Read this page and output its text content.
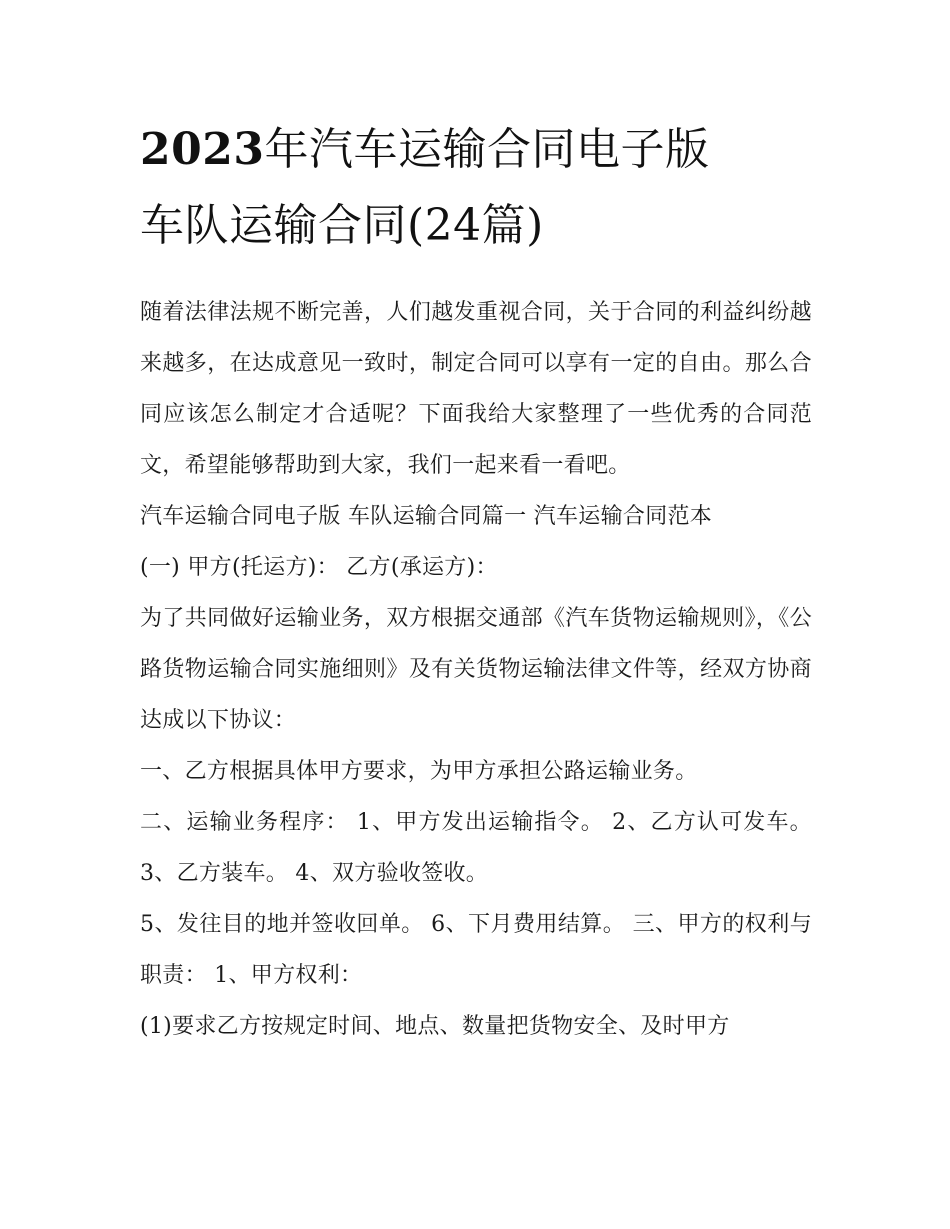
2023年汽车运输合同电子版
车队运输合同(24篇)

随着法律法规不断完善，人们越发重视合同，关于合同的利益纠纷越来越多，在达成意见一致时，制定合同可以享有一定的自由。那么合同应该怎么制定才合适呢？下面我给大家整理了一些优秀的合同范文，希望能够帮助到大家，我们一起来看一看吧。

汽车运输合同电子版 车队运输合同篇一 汽车运输合同范本

(一) 甲方(托运方)： 乙方(承运方)：

为了共同做好运输业务，双方根据交通部《汽车货物运输规则》，《公路货物运输合同实施细则》及有关货物运输法律文件等，经双方协商达成以下协议：

一、乙方根据具体甲方要求，为甲方承担公路运输业务。

二、运输业务程序： 1、甲方发出运输指令。 2、乙方认可发车。 3、乙方装车。 4、双方验收签收。

5、发往目的地并签收回单。 6、下月费用结算。 三、甲方的权利与职责： 1、甲方权利：

(1)要求乙方按规定时间、地点、数量把货物安全、及时甲方
